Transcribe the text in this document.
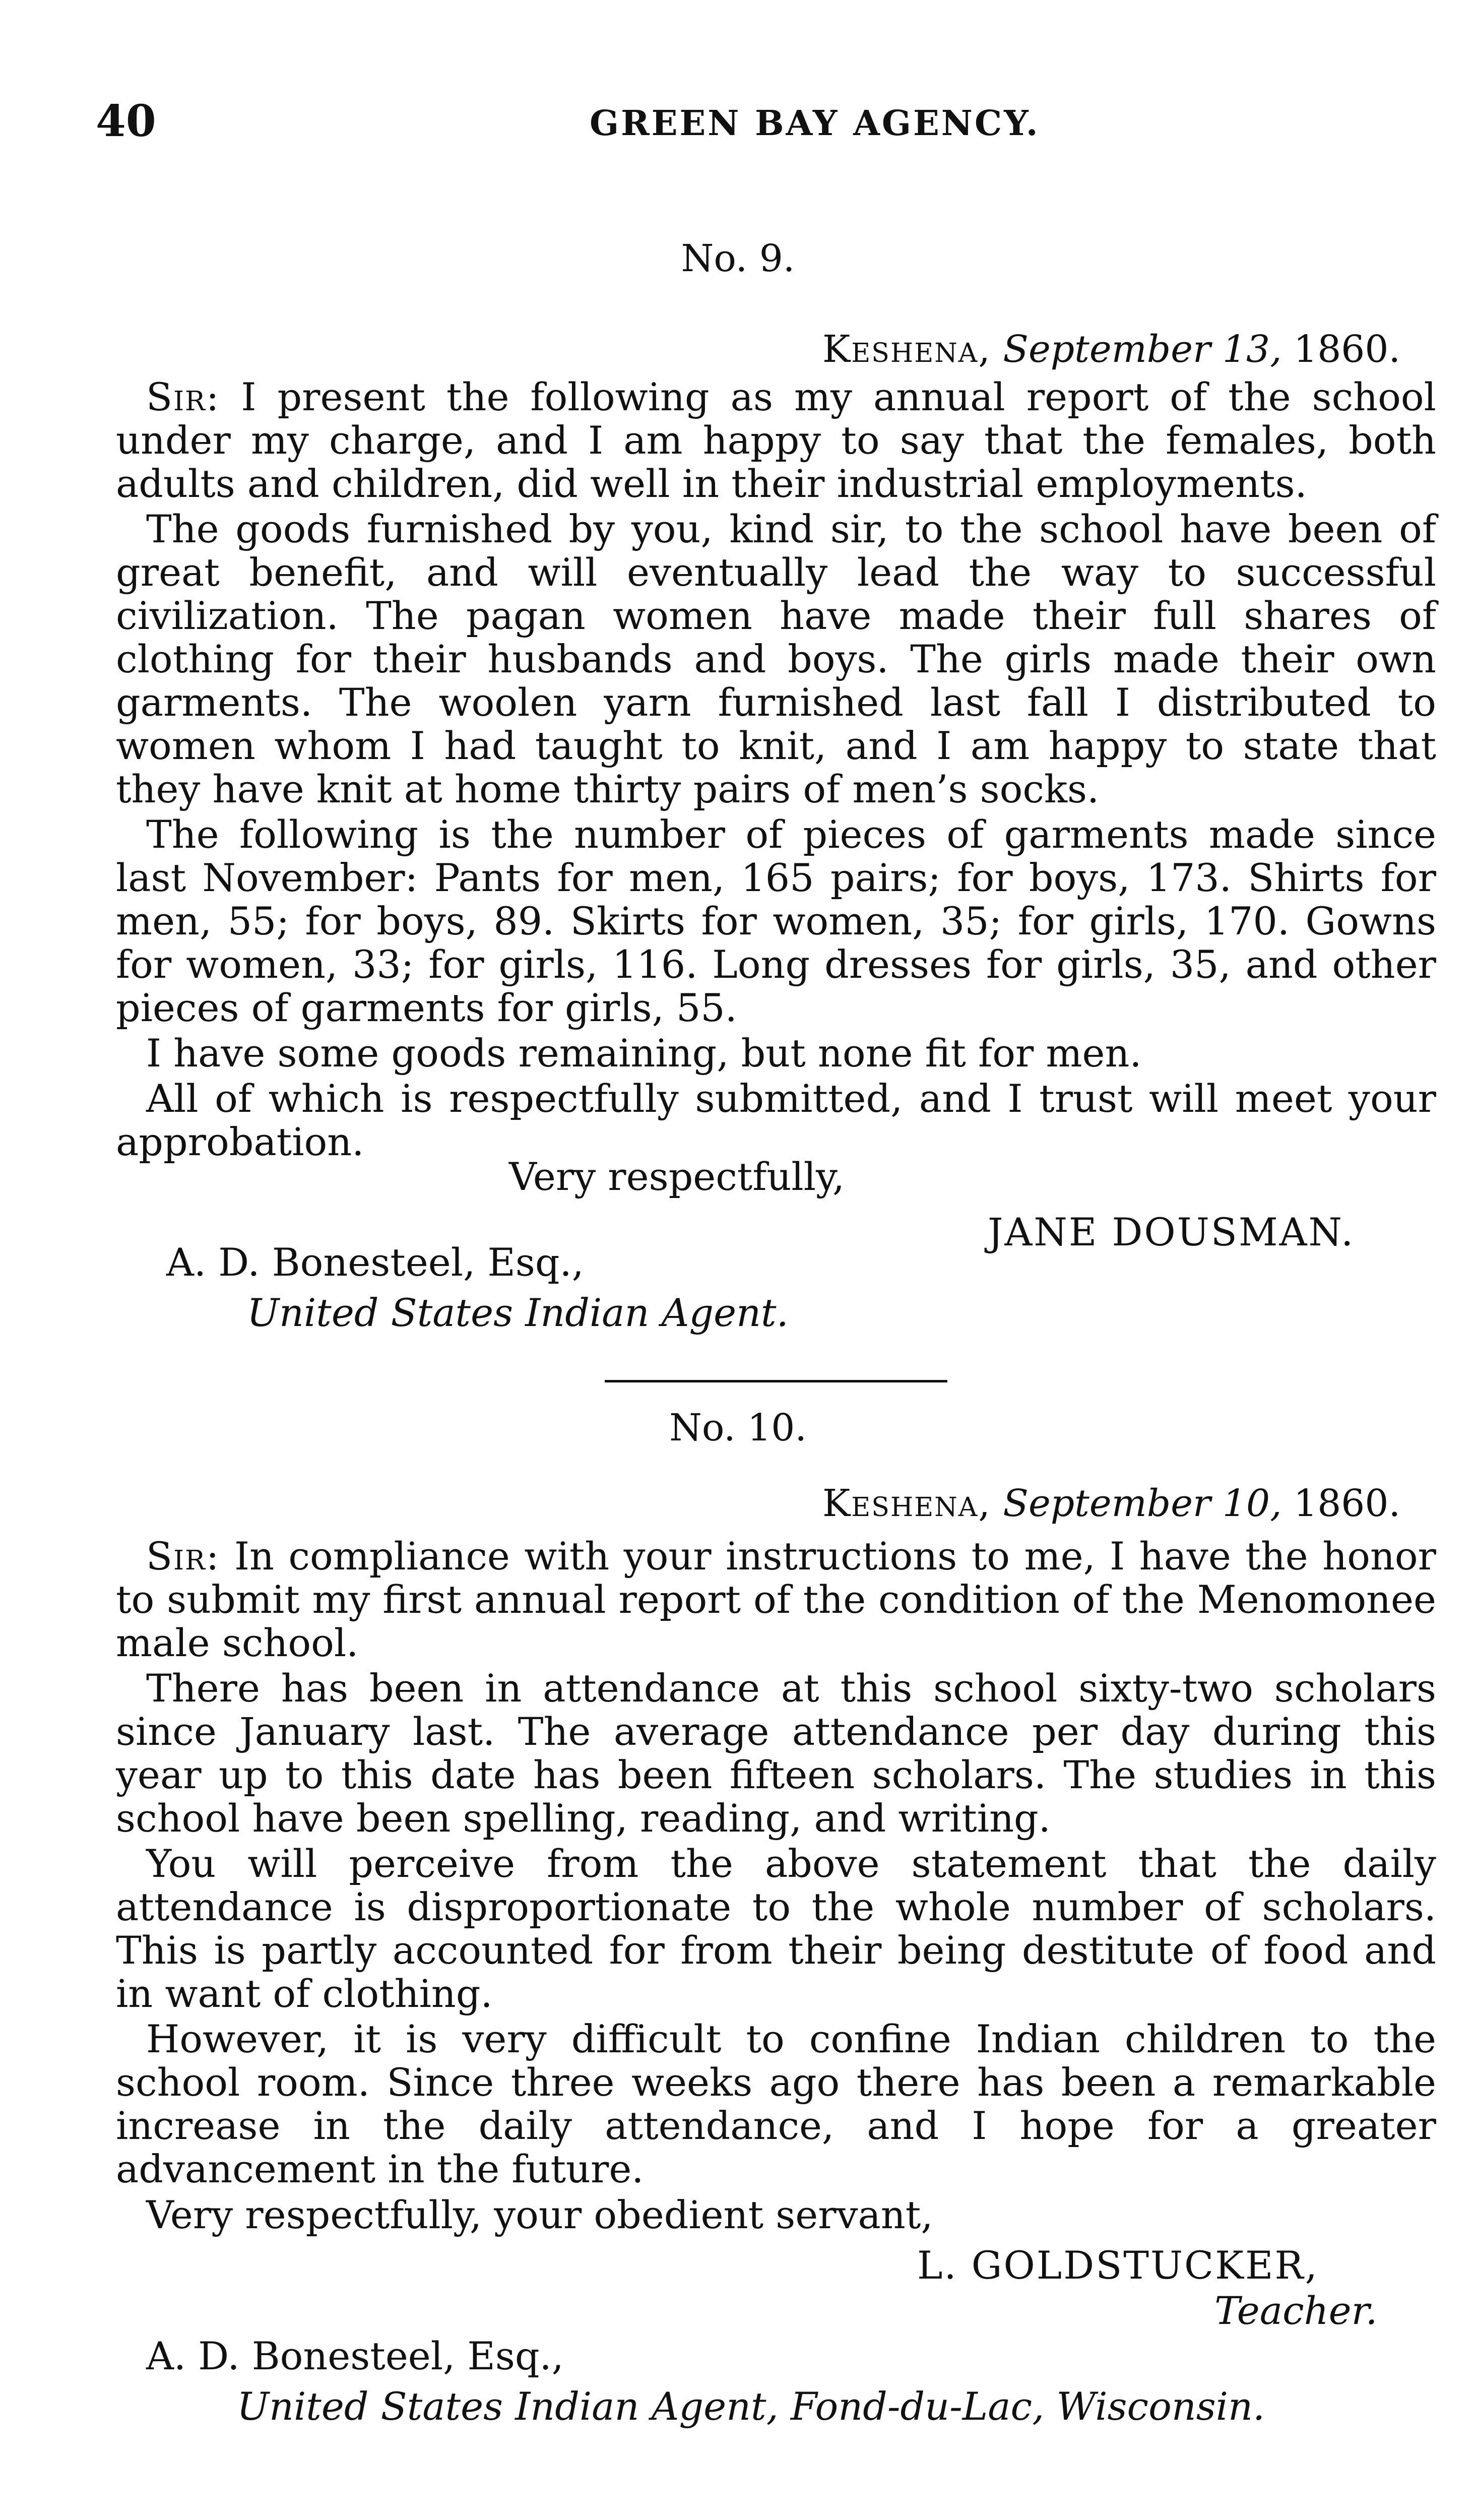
40	GREEN BAY AGENCY.
No. 9.
Keshena, September 13, 1860.

Sir: I present the following as my annual report of the school under my charge, and I am happy to say that the females, both adults and children, did well in their industrial employments.

The goods furnished by you, kind sir, to the school have been of great benefit, and will eventually lead the way to successful civilization. The pagan women have made their full shares of clothing for their husbands and boys. The girls made their own garments. The woolen yarn furnished last fall I distributed to women whom I had taught to knit, and I am happy to state that they have knit at home thirty pairs of men’s socks.

The following is the number of pieces of garments made since last November: Pants for men, 165 pairs; for boys, 173. Shirts for men, 55; for boys, 89. Skirts for women, 35; for girls, 170. Gowns for women, 33; for girls, 116. Long dresses for girls, 35, and other pieces of garments for girls, 55.

I have some goods remaining, but none fit for men.

All of which is respectfully submitted, and I trust will meet your approbation.

Very respectfully,
JANE DOUSMAN.
A. D. Bonesteel, Esq.,
United States Indian Agent.
No. 10.
Keshena, September 10, 1860.

Sir: In compliance with your instructions to me, I have the honor to submit my first annual report of the condition of the Menomonee male school.

There has been in attendance at this school sixty-two scholars since January last. The average attendance per day during this year up to this date has been fifteen scholars. The studies in this school have been spelling, reading, and writing.

You will perceive from the above statement that the daily attendance is disproportionate to the whole number of scholars. This is partly accounted for from their being destitute of food and in want of clothing.

However, it is very difficult to confine Indian children to the school room. Since three weeks ago there has been a remarkable increase in the daily attendance, and I hope for a greater advancement in the future.

Very respectfully, your obedient servant,
L. GOLDSTUCKER,
Teacher.
A. D. Bonesteel, Esq.,
United States Indian Agent, Fond-du-Lac, Wisconsin.
